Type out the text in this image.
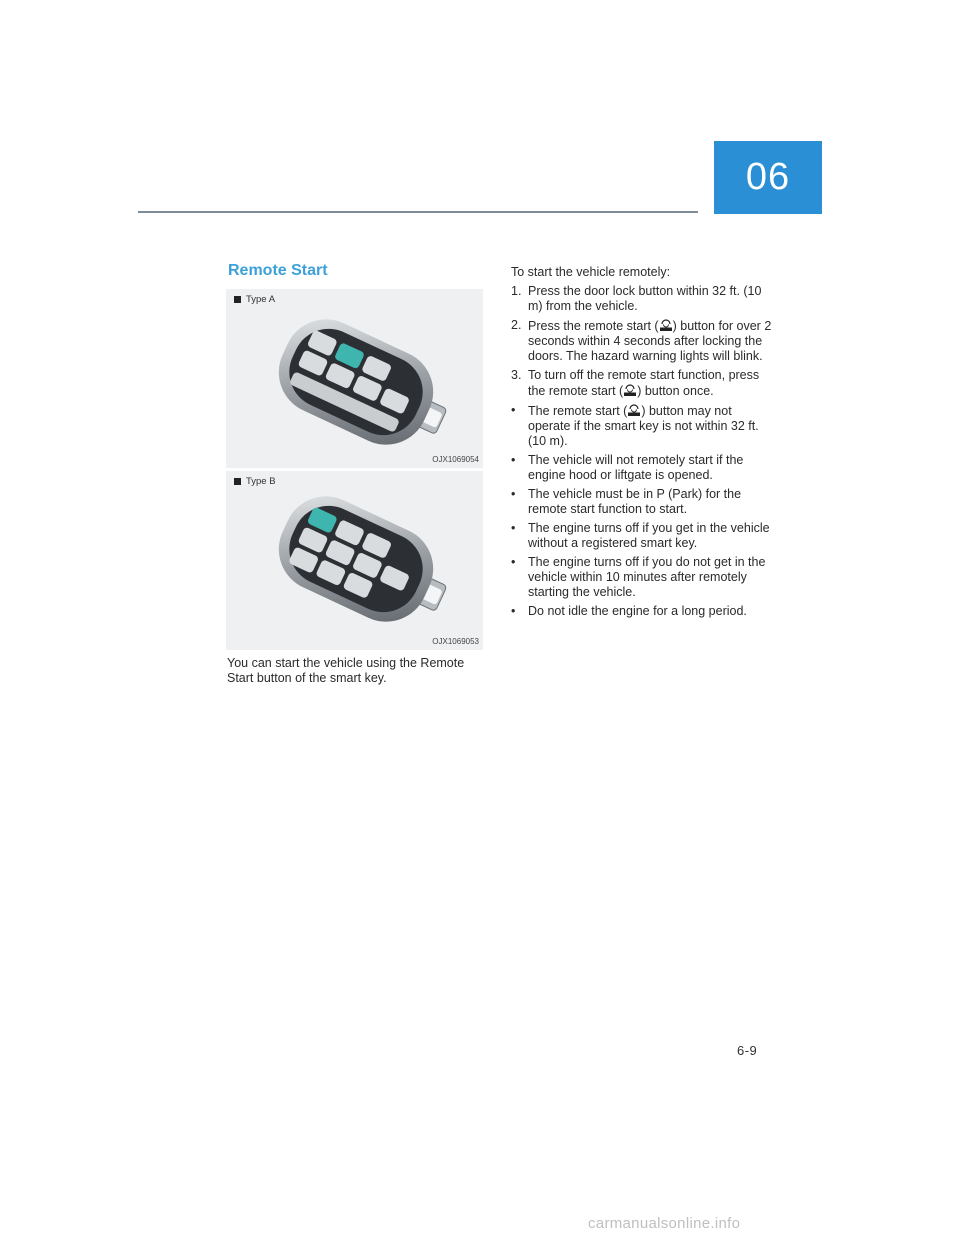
06
Remote Start
Type A
OJX1069054
Type B
OJX1069053
You can start the vehicle using the Remote Start button of the smart key.

To start the vehicle remotely:

1. Press the door lock button within 32 ft. (10 m) from the vehicle.
2. Press the remote start ( ) button for over 2 seconds within 4 seconds after locking the doors. The hazard warning lights will blink.
3. To turn off the remote start function, press the remote start ( ) button once.
•	The remote start ( ) button may not operate if the smart key is not within 32 ft. (10 m).
•	The vehicle will not remotely start if the engine hood or liftgate is opened.
•	The vehicle must be in P (Park) for the remote start function to start.
•	The engine turns off if you get in the vehicle without a registered smart key.
•	The engine turns off if you do not get in the vehicle within 10 minutes after remotely starting the vehicle.
•	Do not idle the engine for a long period.
6-9
carmanualsonline.info
